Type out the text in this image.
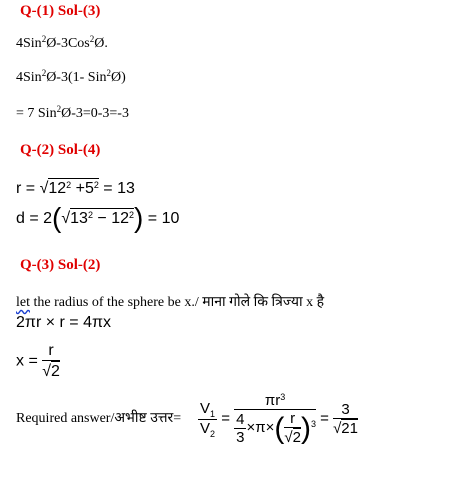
Q-(1) Sol-(3)
4Sin$^2$Ø-3Cos$^2$Ø.
4Sin$^2$Ø-3(1- Sin$^2$Ø)
= 7 Sin$^2$Ø-3=0-3=-3
Q-(2) Sol-(4)
$r = √12^2 +5^2 = 13$
$d = 2(√13^2 - 12^2) = 10$
Q-(3) Sol-(2)
let the radius of the sphere be x./ माना गोले कि त्रिज्या x है
2πr × r = 4πx
$x = \frac{r}{√2}$
Required answer/अभीष्ट उत्तर= $\frac{V_1}{V_2} = \frac{\pi r^3}{\frac{4}{3} \times\pi\times( \frac{r}{√2} )^3} = \frac{3}{√21}$
